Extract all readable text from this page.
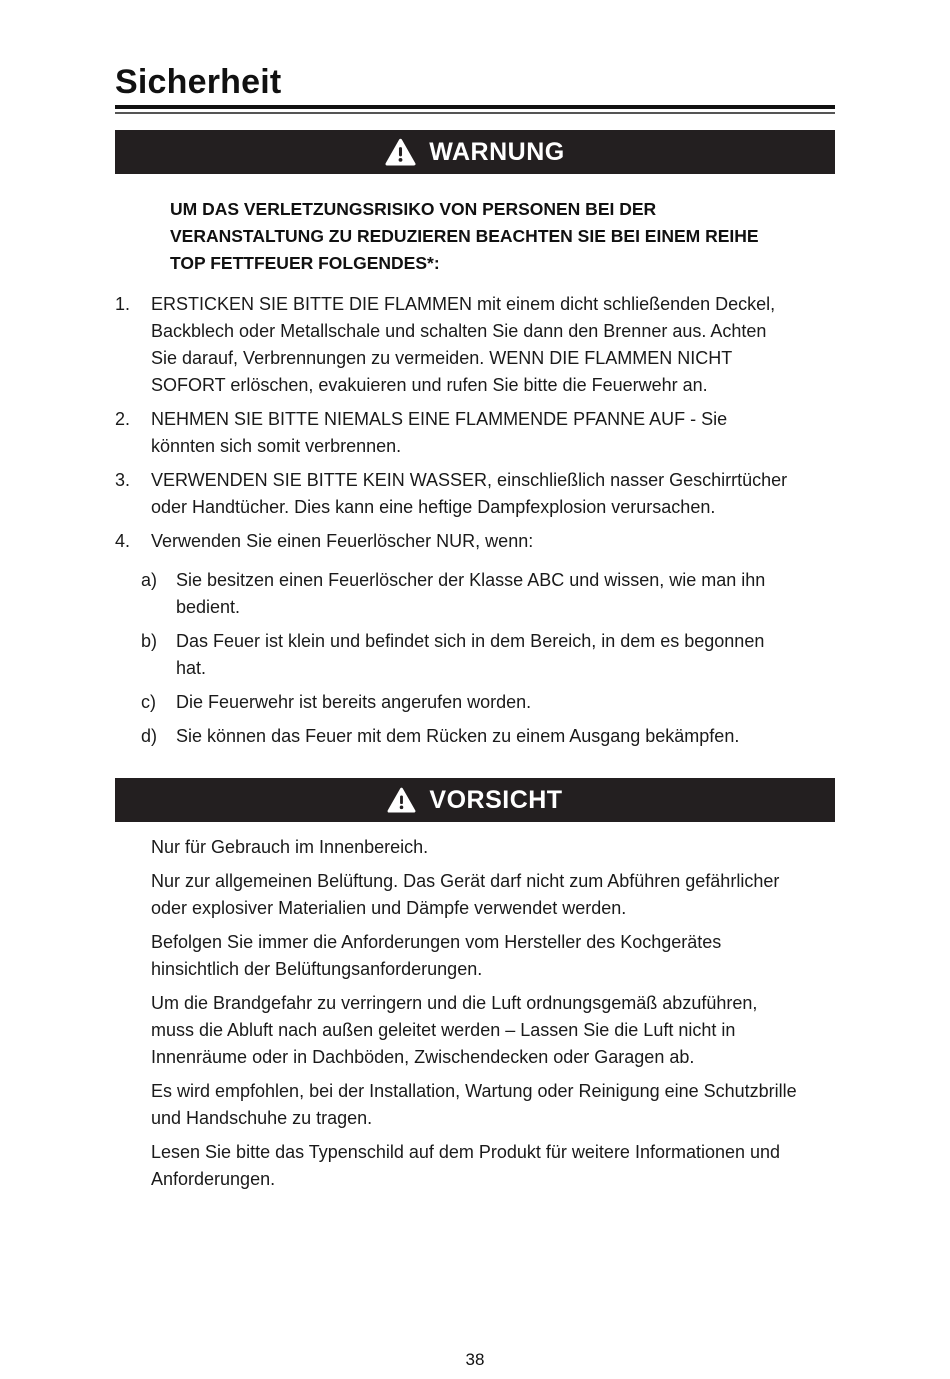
Sicherheit
WARNUNG

UM DAS VERLETZUNGSRISIKO VON PERSONEN BEI DER VERANSTALTUNG ZU REDUZIEREN BEACHTEN SIE BEI EINEM REIHE TOP FETTFEUER FOLGENDES*:

1.	ERSTICKEN SIE BITTE DIE FLAMMEN mit einem dicht schließenden Deckel, Backblech oder Metallschale und schalten Sie dann den Brenner aus. Achten Sie darauf, Verbrennungen zu vermeiden. WENN DIE FLAMMEN NICHT SOFORT erlöschen, evakuieren und rufen Sie bitte die Feuerwehr an.
2.	NEHMEN SIE BITTE NIEMALS EINE FLAMMENDE PFANNE AUF - Sie könnten sich somit verbrennen.
3.	VERWENDEN SIE BITTE KEIN WASSER, einschließlich nasser Geschirrtücher oder Handtücher. Dies kann eine heftige Dampfexplosion verursachen.
4.	Verwenden Sie einen Feuerlöscher NUR, wenn:
a)	Sie besitzen einen Feuerlöscher der Klasse ABC und wissen, wie man ihn bedient.
b)	Das Feuer ist klein und befindet sich in dem Bereich, in dem es begonnen hat.
c)	Die Feuerwehr ist bereits angerufen worden.
d)	Sie können das Feuer mit dem Rücken zu einem Ausgang bekämpfen.
VORSICHT
Nur für Gebrauch im Innenbereich.
Nur zur allgemeinen Belüftung. Das Gerät darf nicht zum Abführen gefährlicher oder explosiver Materialien und Dämpfe verwendet werden.
Befolgen Sie immer die Anforderungen vom Hersteller des Kochgerätes hinsichtlich der Belüftungsanforderungen.
Um die Brandgefahr zu verringern und die Luft ordnungsgemäß abzuführen, muss die Abluft nach außen geleitet werden – Lassen Sie die Luft nicht in Innenräume oder in Dachböden, Zwischendecken oder Garagen ab.
Es wird empfohlen, bei der Installation, Wartung oder Reinigung eine Schutzbrille und Handschuhe zu tragen.
Lesen Sie bitte das Typenschild auf dem Produkt für weitere Informationen und Anforderungen.
38
